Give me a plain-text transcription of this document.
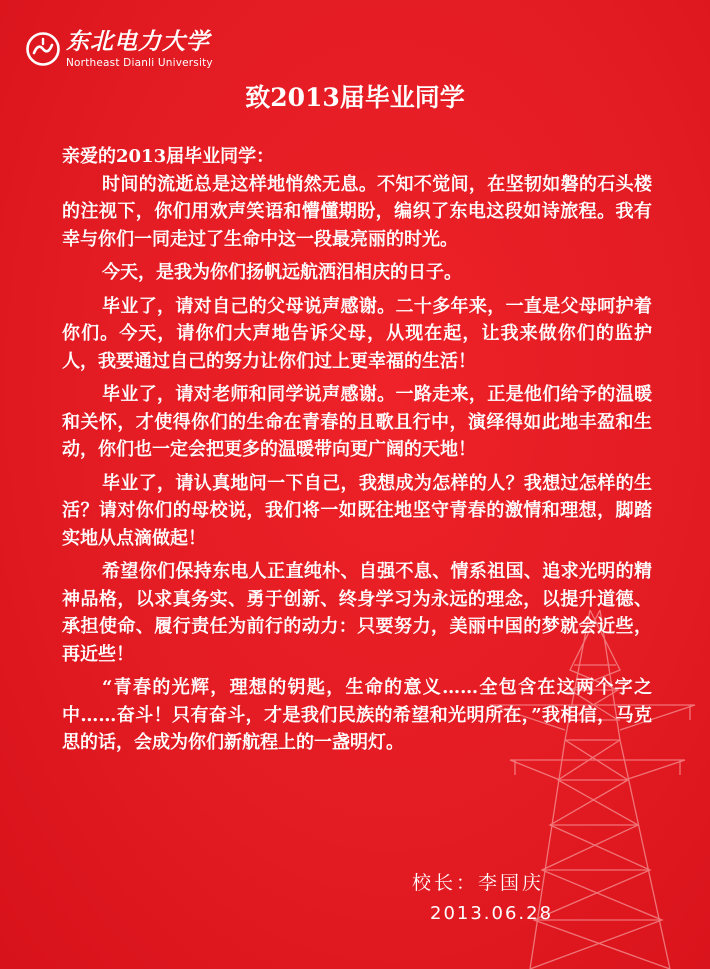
东北电力大学
Northeast Dianli University
致2013届毕业同学

亲爱的2013届毕业同学：

时间的流逝总是这样地悄然无息。不知不觉间，在坚韧如磐的石头楼的注视下，你们用欢声笑语和懵懂期盼，编织了东电这段如诗旅程。我有幸与你们一同走过了生命中这一段最亮丽的时光。

今天，是我为你们扬帆远航洒泪相庆的日子。

毕业了，请对自己的父母说声感谢。二十多年来，一直是父母呵护着你们。今天，请你们大声地告诉父母，从现在起，让我来做你们的监护人，我要通过自己的努力让你们过上更幸福的生活！

毕业了，请对老师和同学说声感谢。一路走来，正是他们给予的温暖和关怀，才使得你们的生命在青春的且歌且行中，演绎得如此地丰盈和生动，你们也一定会把更多的温暖带向更广阔的天地！

毕业了，请认真地问一下自己，我想成为怎样的人？我想过怎样的生活？请对你们的母校说，我们将一如既往地坚守青春的激情和理想，脚踏实地从点滴做起！

希望你们保持东电人正直纯朴、自强不息、情系祖国、追求光明的精神品格，以求真务实、勇于创新、终身学习为永远的理念，以提升道德、承担使命、履行责任为前行的动力：只要努力，美丽中国的梦就会近些，再近些！

“青春的光辉，理想的钥匙，生命的意义……全包含在这两个字之中……奋斗！只有奋斗，才是我们民族的希望和光明所在，”我相信，马克思的话，会成为你们新航程上的一盏明灯。

校长：李国庆
2013.06.28
